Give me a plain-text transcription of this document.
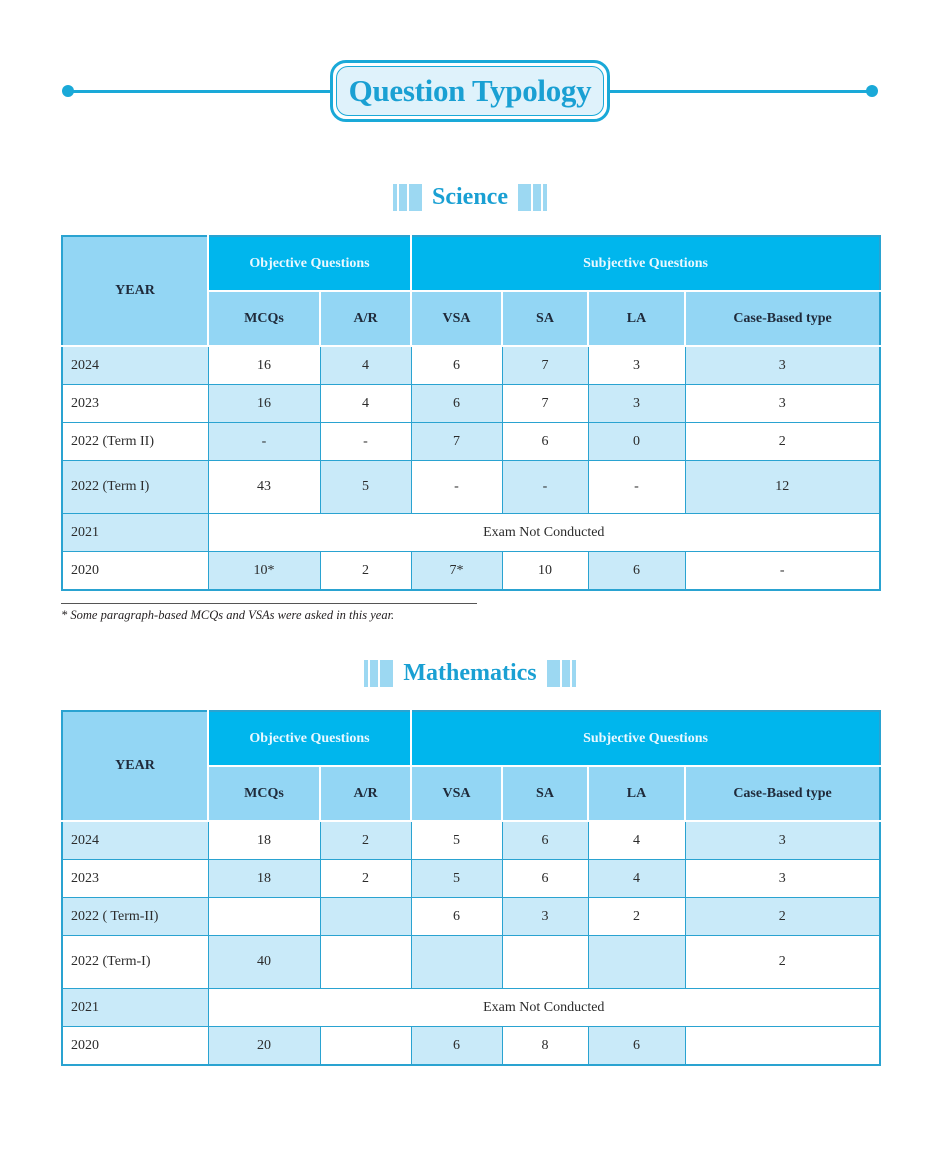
Question Typology
Science
YEAR	Objective Questions		Subjective Questions			
	MCQs	A/R	VSA	SA	LA	Case-Based type
2024	16	4	6	7	3	3
2023	16	4	6	7	3	3
2022 (Term II)	-	-	7	6	0	2
2022 (Term I)	43	5	-	-	-	12
2021	Exam Not Conducted					
2020	10*	2	7*	10	6	-
* Some paragraph-based MCQs and VSAs were asked in this year.
Mathematics
YEAR	Objective Questions		Subjective Questions			
	MCQs	A/R	VSA	SA	LA	Case-Based type
2024	18	2	5	6	4	3
2023	18	2	5	6	4	3
2022 ( Term-II)			6	3	2	2
2022 (Term-I)	40					2
2021	Exam Not Conducted					
2020	20		6	8	6	
